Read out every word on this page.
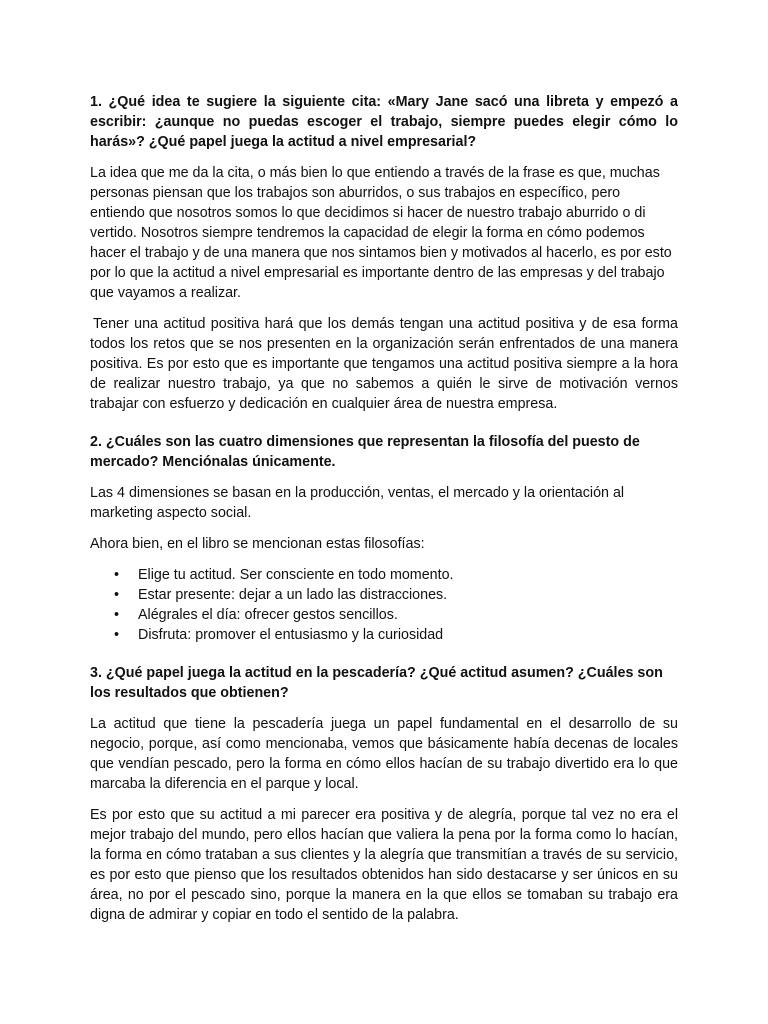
1. ¿Qué idea te sugiere la siguiente cita: «Mary Jane sacó una libreta y empezó a escribir: ¿aunque no puedas escoger el trabajo, siempre puedes elegir cómo lo harás»? ¿Qué papel juega la actitud a nivel empresarial?
La idea que me da la cita, o más bien lo que entiendo a través de la frase es que, muchas personas piensan que los trabajos son aburridos, o sus trabajos en específico, pero entiendo que nosotros somos lo que decidimos si hacer de nuestro trabajo aburrido o di vertido. Nosotros siempre tendremos la capacidad de elegir la forma en cómo podemos hacer el trabajo y de una manera que nos sintamos bien y motivados al hacerlo, es por esto por lo que la actitud a nivel empresarial es importante dentro de las empresas y del trabajo que vayamos a realizar.
Tener una actitud positiva hará que los demás tengan una actitud positiva y de esa forma todos los retos que se nos presenten en la organización serán enfrentados de una manera positiva. Es por esto que es importante que tengamos una actitud positiva siempre a la hora de realizar nuestro trabajo, ya que no sabemos a quién le sirve de motivación vernos trabajar con esfuerzo y dedicación en cualquier área de nuestra empresa.
2. ¿Cuáles son las cuatro dimensiones que representan la filosofía del puesto de mercado? Menciónalas únicamente.
Las 4 dimensiones se basan en la producción, ventas, el mercado y la orientación al marketing aspecto social.
Ahora bien, en el libro se mencionan estas filosofías:
• Elige tu actitud. Ser consciente en todo momento.
• Estar presente: dejar a un lado las distracciones.
• Alégrales el día: ofrecer gestos sencillos.
• Disfruta: promover el entusiasmo y la curiosidad
3. ¿Qué papel juega la actitud en la pescadería? ¿Qué actitud asumen? ¿Cuáles son los resultados que obtienen?
La actitud que tiene la pescadería juega un papel fundamental en el desarrollo de su negocio, porque, así como mencionaba, vemos que básicamente había decenas de locales que vendían pescado, pero la forma en cómo ellos hacían de su trabajo divertido era lo que marcaba la diferencia en el parque y local.
Es por esto que su actitud a mi parecer era positiva y de alegría, porque tal vez no era el mejor trabajo del mundo, pero ellos hacían que valiera la pena por la forma como lo hacían, la forma en cómo trataban a sus clientes y la alegría que transmitían a través de su servicio, es por esto que pienso que los resultados obtenidos han sido destacarse y ser únicos en su área, no por el pescado sino, porque la manera en la que ellos se tomaban su trabajo era digna de admirar y copiar en todo el sentido de la palabra.
